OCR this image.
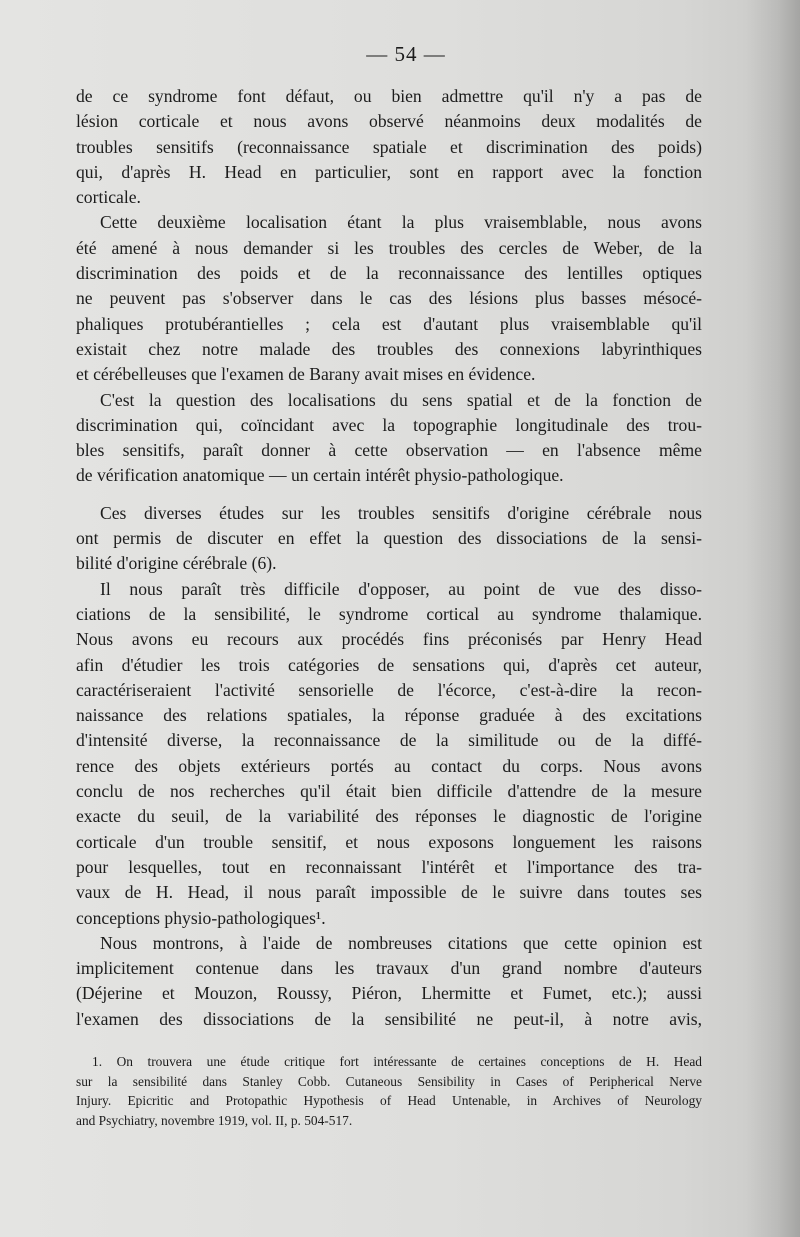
— 54 —
de ce syndrome font défaut, ou bien admettre qu'il n'y a pas de
lésion corticale et nous avons observé néanmoins deux modalités de
troubles sensitifs (reconnaissance spatiale et discrimination des poids)
qui, d'après H. Head en particulier, sont en rapport avec la fonction
corticale.
Cette deuxième localisation étant la plus vraisemblable, nous avons
été amené à nous demander si les troubles des cercles de Weber, de la
discrimination des poids et de la reconnaissance des lentilles optiques
ne peuvent pas s'observer dans le cas des lésions plus basses mésocé-
phaliques protubérantielles ; cela est d'autant plus vraisemblable qu'il
existait chez notre malade des troubles des connexions labyrinthiques
et cérébelleuses que l'examen de Barany avait mises en évidence.
C'est la question des localisations du sens spatial et de la fonction de
discrimination qui, coïncidant avec la topographie longitudinale des trou-
bles sensitifs, paraît donner à cette observation — en l'absence même
de vérification anatomique — un certain intérêt physio-pathologique.
Ces diverses études sur les troubles sensitifs d'origine cérébrale nous
ont permis de discuter en effet la question des dissociations de la sensi-
bilité d'origine cérébrale (6).
Il nous paraît très difficile d'opposer, au point de vue des disso-
ciations de la sensibilité, le syndrome cortical au syndrome thalamique.
Nous avons eu recours aux procédés fins préconisés par Henry Head
afin d'étudier les trois catégories de sensations qui, d'après cet auteur,
caractériseraient l'activité sensorielle de l'écorce, c'est-à-dire la recon-
naissance des relations spatiales, la réponse graduée à des excitations
d'intensité diverse, la reconnaissance de la similitude ou de la diffé-
rence des objets extérieurs portés au contact du corps. Nous avons
conclu de nos recherches qu'il était bien difficile d'attendre de la mesure
exacte du seuil, de la variabilité des réponses le diagnostic de l'origine
corticale d'un trouble sensitif, et nous exposons longuement les raisons
pour lesquelles, tout en reconnaissant l'intérêt et l'importance des tra-
vaux de H. Head, il nous paraît impossible de le suivre dans toutes ses
conceptions physio-pathologiques¹.
Nous montrons, à l'aide de nombreuses citations que cette opinion est
implicitement contenue dans les travaux d'un grand nombre d'auteurs
(Déjerine et Mouzon, Roussy, Piéron, Lhermitte et Fumet, etc.); aussi
l'examen des dissociations de la sensibilité ne peut-il, à notre avis,
1. On trouvera une étude critique fort intéressante de certaines conceptions de H. Head
sur la sensibilité dans Stanley Cobb. Cutaneous Sensibility in Cases of Peripherical Nerve
Injury. Epicritic and Protopathic Hypothesis of Head Untenable, in Archives of Neurology
and Psychiatry, novembre 1919, vol. II, p. 504-517.
